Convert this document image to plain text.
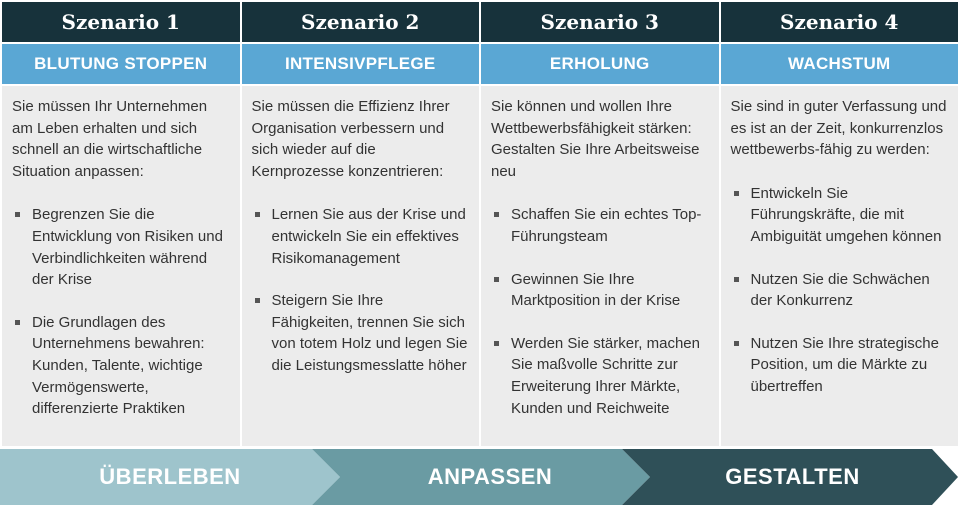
Szenario 1
BLUTUNG STOPPEN

Sie müssen Ihr Unternehmen am Leben erhalten und sich schnell an die wirtschaftliche Situation anpassen:

Begrenzen Sie die Entwicklung von Risiken und Verbindlichkeiten während der Krise
Die Grundlagen des Unternehmens bewahren: Kunden, Talente, wichtige Vermögenswerte, differenzierte Praktiken
Szenario 2
INTENSIVPFLEGE

Sie müssen die Effizienz Ihrer Organisation verbessern und sich wieder auf die Kernprozesse konzentrieren:

Lernen Sie aus der Krise und entwickeln Sie ein effektives Risikomanagement
Steigern Sie Ihre Fähigkeiten, trennen Sie sich von totem Holz und legen Sie die Leistungsmesslatte höher
Szenario 3
ERHOLUNG

Sie können und wollen Ihre Wettbewerbsfähigkeit stärken: Gestalten Sie Ihre Arbeitsweise neu

Schaffen Sie ein echtes Top-Führungsteam
Gewinnen Sie Ihre Marktposition in der Krise
Werden Sie stärker, machen Sie maßvolle Schritte zur Erweiterung Ihrer Märkte, Kunden und Reichweite
Szenario 4
WACHSTUM

Sie sind in guter Verfassung und es ist an der Zeit, konkurrenzlos wettbewerbs-fähig zu werden:

Entwickeln Sie Führungskräfte, die mit Ambiguität umgehen können
Nutzen Sie die Schwächen der Konkurrenz
Nutzen Sie Ihre strategische Position, um die Märkte zu übertreffen
ÜBERLEBEN	ANPASSEN	GESTALTEN
